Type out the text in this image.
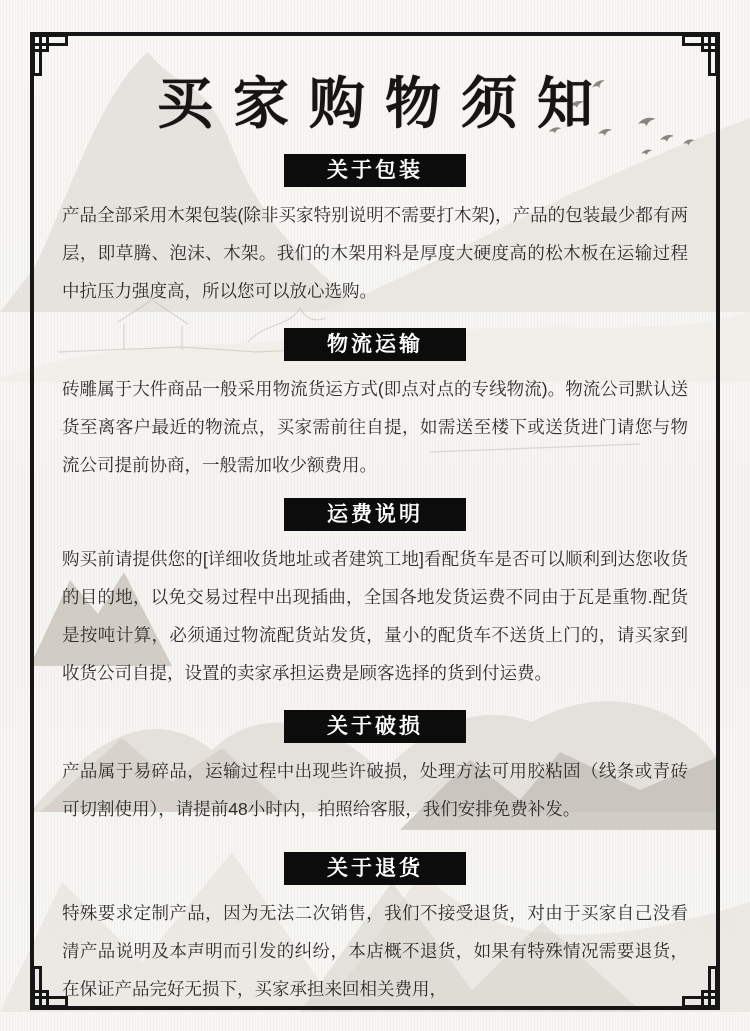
买家购物须知
关于包装

产品全部采用木架包装(除非买家特别说明不需要打木架)，产品的包装最少都有两层，即草腾、泡沫、木架。我们的木架用料是厚度大硬度高的松木板在运输过程中抗压力强度高，所以您可以放心选购。

物流运输

砖雕属于大件商品一般采用物流货运方式(即点对点的专线物流)。物流公司默认送货至离客户最近的物流点，买家需前往自提，如需送至楼下或送货进门请您与物流公司提前协商，一般需加收少额费用。

运费说明

购买前请提供您的[详细收货地址或者建筑工地]看配货车是否可以顺利到达您收货的目的地，以免交易过程中出现插曲，全国各地发货运费不同由于瓦是重物.配货是按吨计算，必须通过物流配货站发货，量小的配货车不送货上门的，请买家到收货公司自提，设置的卖家承担运费是顾客选择的货到付运费。

关于破损

产品属于易碎品，运输过程中出现些许破损，处理方法可用胶粘固（线条或青砖可切割使用），请提前48小时内，拍照给客服，我们安排免费补发。

关于退货

特殊要求定制产品，因为无法二次销售，我们不接受退货，对由于买家自己没看清产品说明及本声明而引发的纠纷，本店概不退货，如果有特殊情况需要退货，在保证产品完好无损下，买家承担来回相关费用，
